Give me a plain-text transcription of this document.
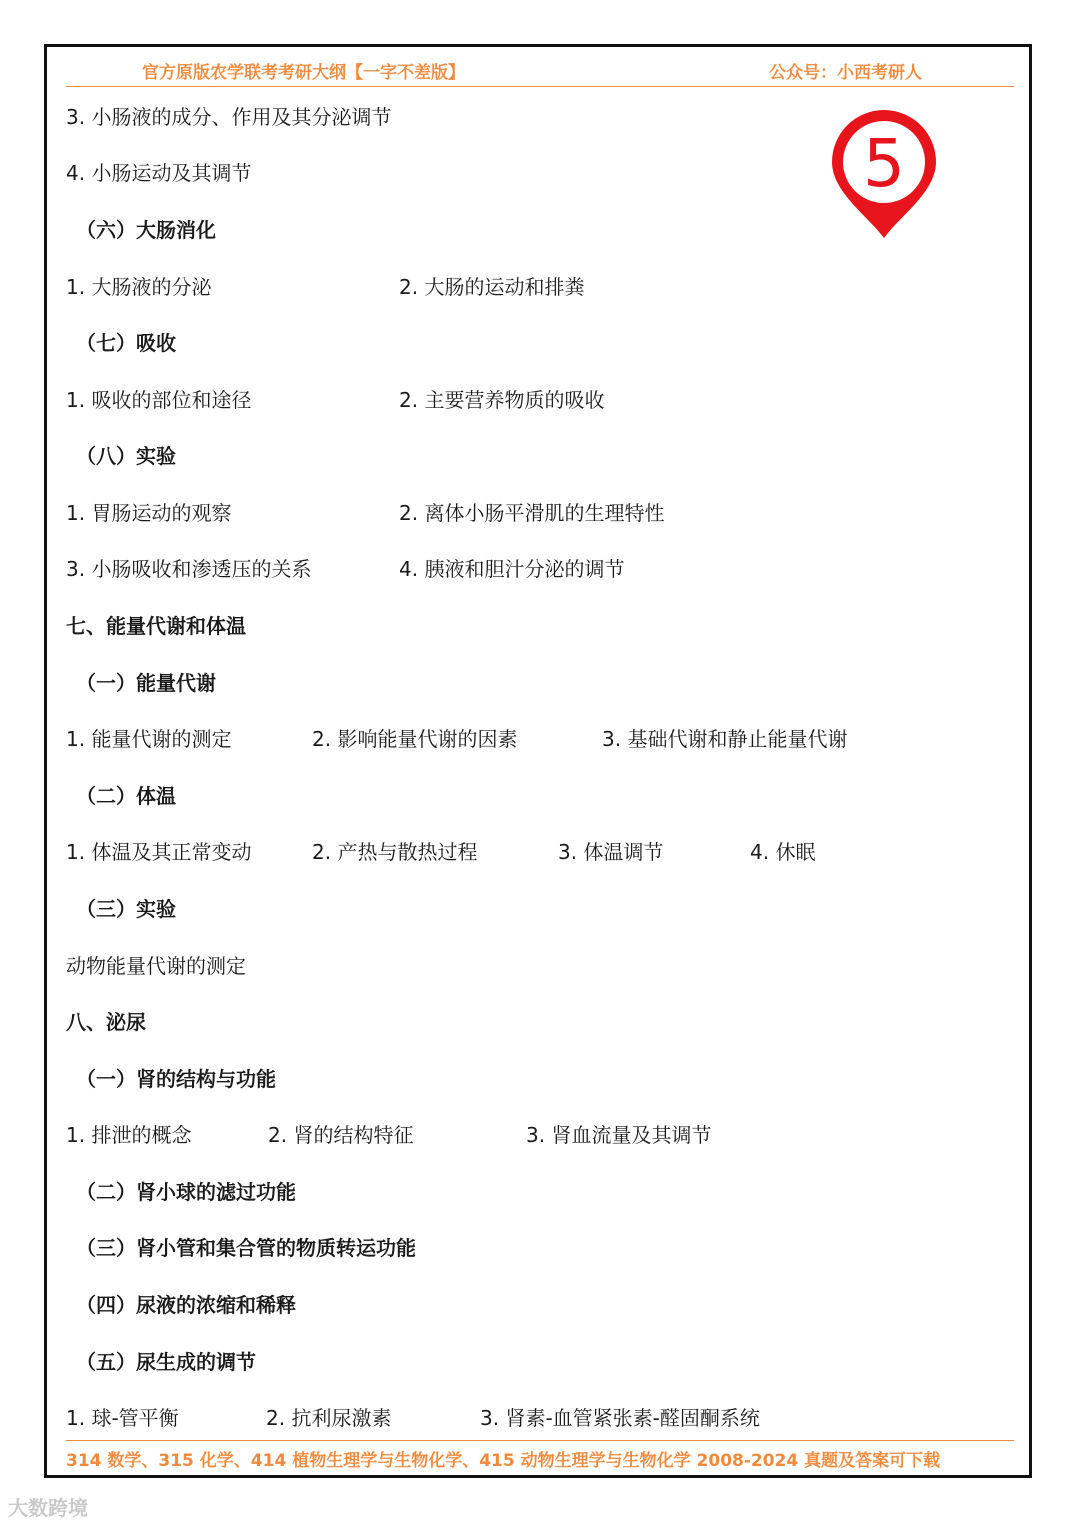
官方原版农学联考考研大纲【一字不差版】	公众号：小西考研人
5
3. 小肠液的成分、作用及其分泌调节
4. 小肠运动及其调节
（六）大肠消化
1. 大肠液的分泌	2. 大肠的运动和排粪
（七）吸收
1. 吸收的部位和途径	2. 主要营养物质的吸收
（八）实验
1. 胃肠运动的观察	2. 离体小肠平滑肌的生理特性
3. 小肠吸收和渗透压的关系	4. 胰液和胆汁分泌的调节
七、能量代谢和体温
（一）能量代谢
1. 能量代谢的测定	2. 影响能量代谢的因素	3. 基础代谢和静止能量代谢
（二）体温
1. 体温及其正常变动	2. 产热与散热过程	3. 体温调节	4. 休眠
（三）实验
动物能量代谢的测定
八、泌尿
（一）肾的结构与功能
1. 排泄的概念	2. 肾的结构特征	3. 肾血流量及其调节
（二）肾小球的滤过功能
（三）肾小管和集合管的物质转运功能
（四）尿液的浓缩和稀释
（五）尿生成的调节
1. 球-管平衡	2. 抗利尿激素	3. 肾素-血管紧张素-醛固酮系统
314 数学、315 化学、414 植物生理学与生物化学、415 动物生理学与生物化学 2008-2024 真题及答案可下载
大数跨境
